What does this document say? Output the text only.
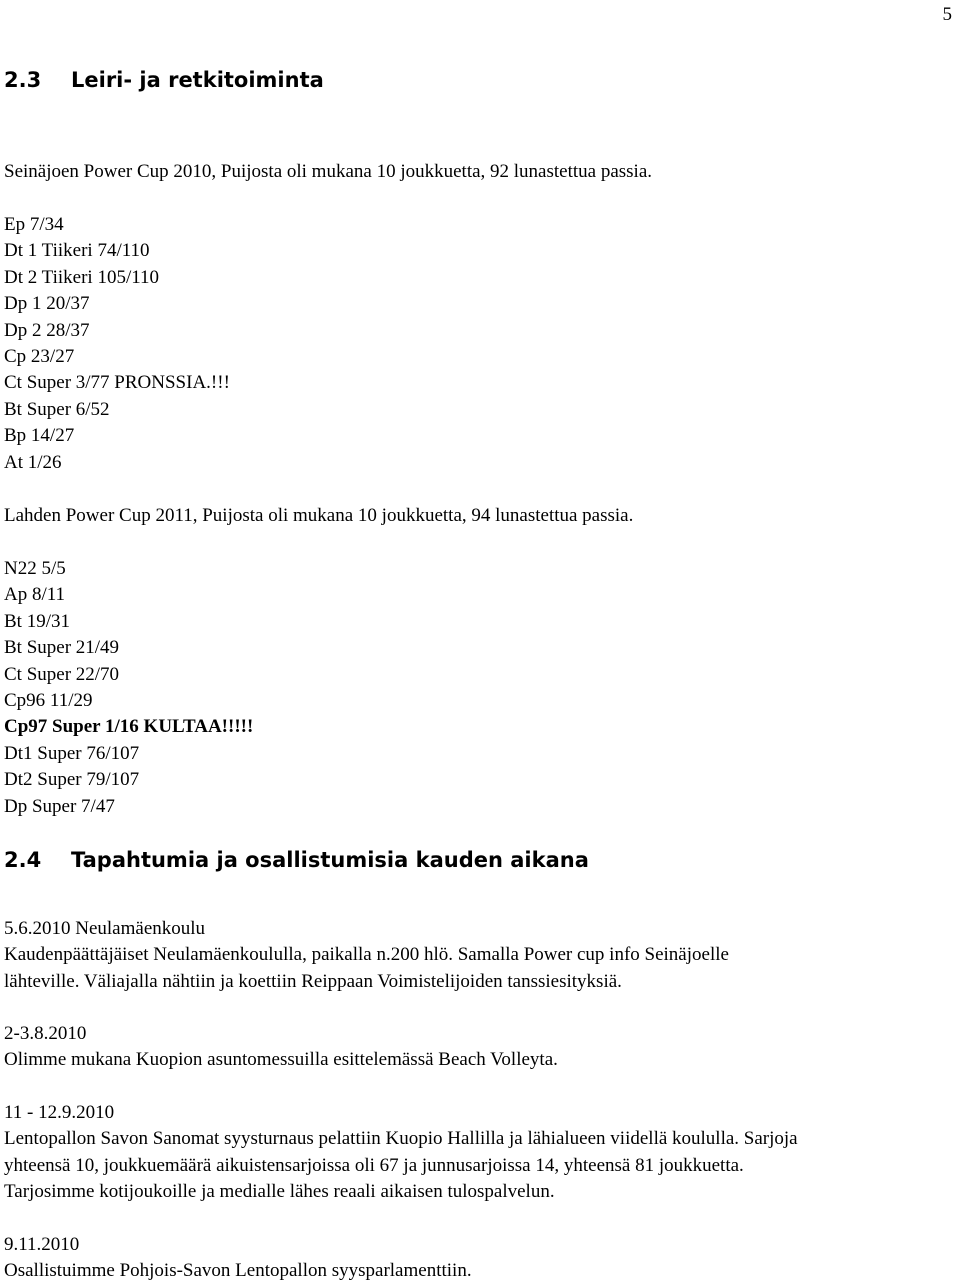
5
2.3 Leiri- ja retkitoiminta
Seinäjoen Power Cup 2010, Puijosta oli mukana 10 joukkuetta, 92 lunastettua passia.
Ep 7/34
Dt 1 Tiikeri 74/110
Dt 2 Tiikeri 105/110
Dp 1 20/37
Dp 2 28/37
Cp 23/27
Ct Super 3/77 PRONSSIA.!!!
Bt Super 6/52
Bp 14/27
At 1/26
Lahden Power Cup 2011, Puijosta oli mukana 10 joukkuetta, 94 lunastettua passia.
N22 5/5
Ap 8/11
Bt 19/31
Bt Super 21/49
Ct Super 22/70
Cp96 11/29
Cp97 Super 1/16 KULTAA!!!!!
Dt1 Super 76/107
Dt2 Super 79/107
Dp Super 7/47
2.4 Tapahtumia ja osallistumisia kauden aikana
5.6.2010 Neulamäenkoulu
Kaudenpäättäjäiset Neulamäenkoululla, paikalla n.200 hlö. Samalla Power cup info Seinäjoelle
lähteville. Väliajalla nähtiin ja koettiin Reippaan Voimistelijoiden tanssiesityksiä.
2-3.8.2010
Olimme mukana Kuopion asuntomessuilla esittelemässä Beach Volleyta.
11 - 12.9.2010
Lentopallon Savon Sanomat syysturnaus pelattiin Kuopio Hallilla ja lähialueen viidellä koululla. Sarjoja
yhteensä 10, joukkuemäärä aikuistensarjoissa oli 67 ja junnusarjoissa 14, yhteensä 81 joukkuetta.
Tarjosimme kotijoukoille ja medialle lähes reaali aikaisen tulospalvelun.
9.11.2010
Osallistuimme Pohjois-Savon Lentopallon syysparlamenttiin.
